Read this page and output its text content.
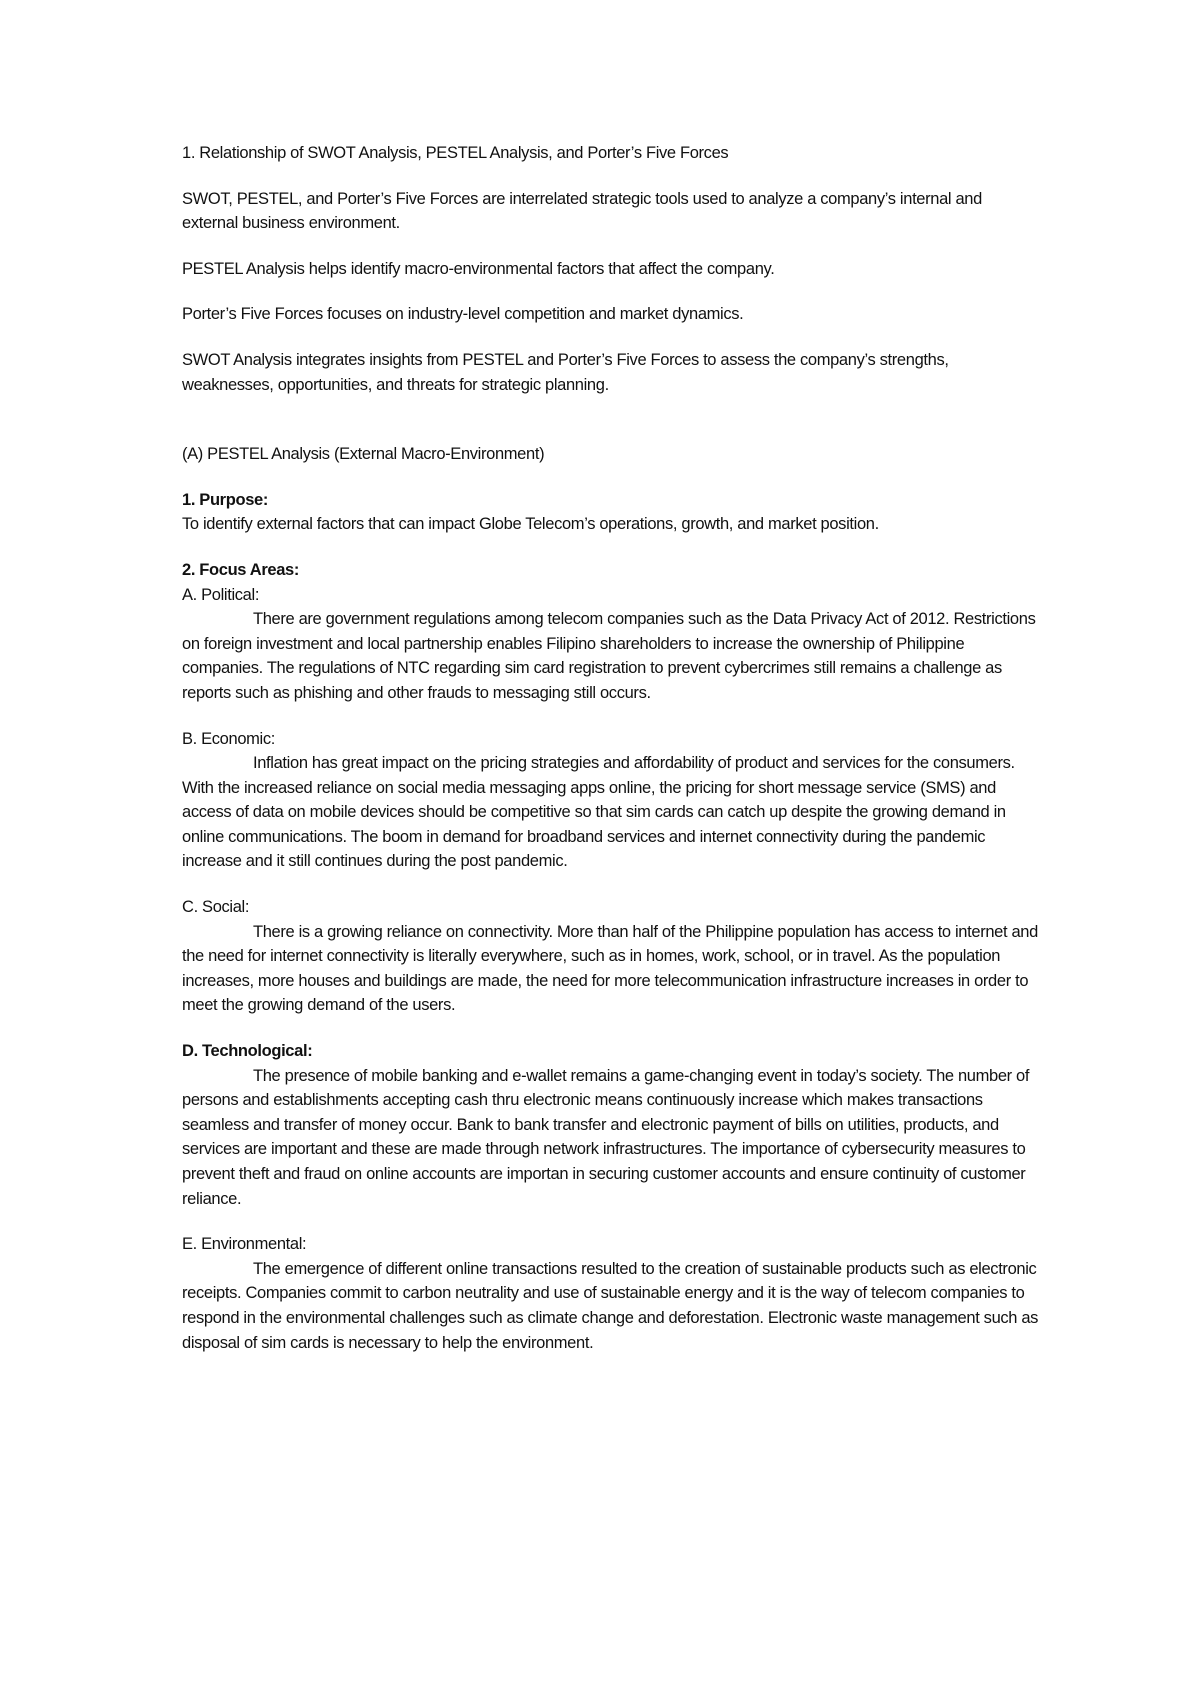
1. Relationship of SWOT Analysis, PESTEL Analysis, and Porter’s Five Forces

SWOT, PESTEL, and Porter’s Five Forces are interrelated strategic tools used to analyze a company’s internal and external business environment.

PESTEL Analysis helps identify macro-environmental factors that affect the company.

Porter’s Five Forces focuses on industry-level competition and market dynamics.

SWOT Analysis integrates insights from PESTEL and Porter’s Five Forces to assess the company’s strengths, weaknesses, opportunities, and threats for strategic planning.

(A) PESTEL Analysis (External Macro-Environment)

1. Purpose:

To identify external factors that can impact Globe Telecom’s operations, growth, and market position.

2. Focus Areas:

A. Political:

There are government regulations among telecom companies such as the Data Privacy Act of 2012. Restrictions on foreign investment and local partnership enables Filipino shareholders to increase the ownership of Philippine companies. The regulations of NTC regarding sim card registration to prevent cybercrimes still remains a challenge as reports such as phishing and other frauds to messaging still occurs.

B. Economic:

Inflation has great impact on the pricing strategies and affordability of product and services for the consumers. With the increased reliance on social media messaging apps online, the pricing for short message service (SMS) and access of data on mobile devices should be competitive so that sim cards can catch up despite the growing demand in online communications. The boom in demand for broadband services and internet connectivity during the pandemic increase and it still continues during the post pandemic.

C. Social:

There is a growing reliance on connectivity. More than half of the Philippine population has access to internet and the need for internet connectivity is literally everywhere, such as in homes, work, school, or in travel. As the population increases, more houses and buildings are made, the need for more telecommunication infrastructure increases in order to meet the growing demand of the users.

D. Technological:

The presence of mobile banking and e-wallet remains a game-changing event in today’s society. The number of persons and establishments accepting cash thru electronic means continuously increase which makes transactions seamless and transfer of money occur. Bank to bank transfer and electronic payment of bills on utilities, products, and services are important and these are made through network infrastructures. The importance of cybersecurity measures to prevent theft and fraud on online accounts are importan in securing customer accounts and ensure continuity of customer reliance.

E. Environmental:

The emergence of different online transactions resulted to the creation of sustainable products such as electronic receipts. Companies commit to carbon neutrality and use of sustainable energy and it is the way of telecom companies to respond in the environmental challenges such as climate change and deforestation. Electronic waste management such as disposal of sim cards is necessary to help the environment.
